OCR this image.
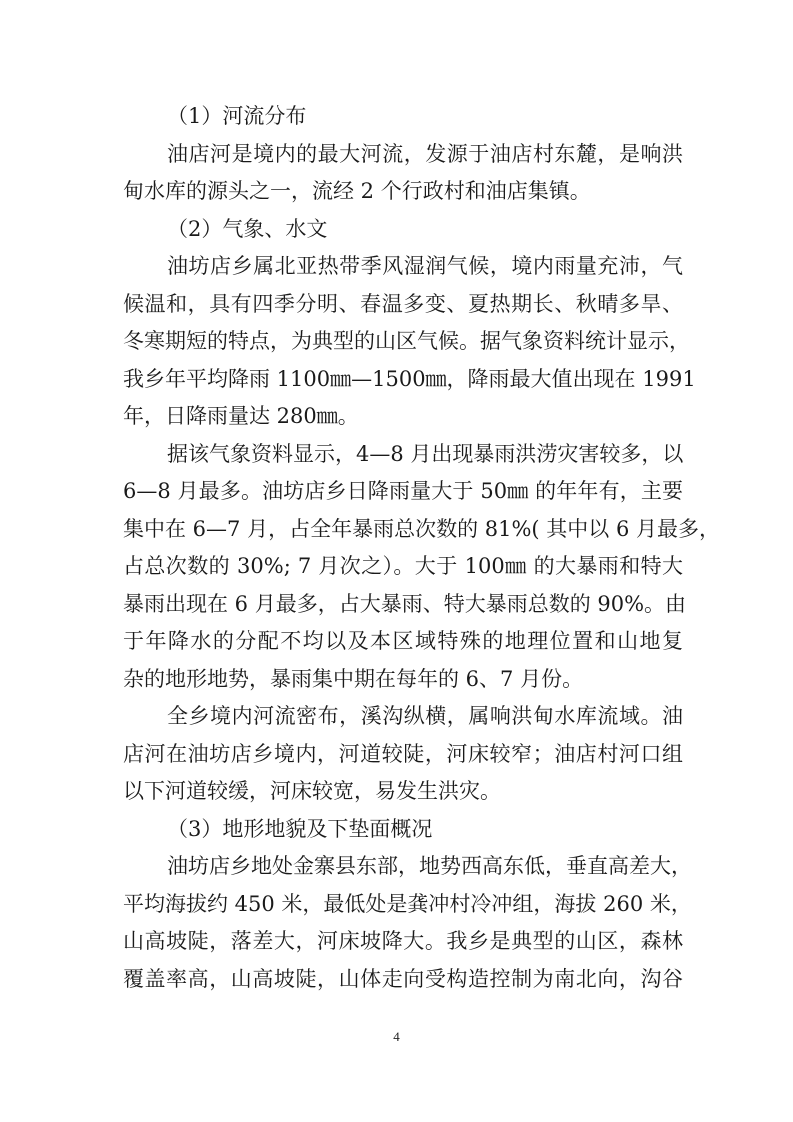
（1）河流分布
油店河是境内的最大河流，发源于油店村东麓，是响洪
甸水库的源头之一，流经 2 个行政村和油店集镇。
（2）气象、水文
油坊店乡属北亚热带季风湿润气候，境内雨量充沛，气
候温和，具有四季分明、春温多变、夏热期长、秋晴多旱、
冬寒期短的特点，为典型的山区气候。据气象资料统计显示，
我乡年平均降雨 1100㎜—1500㎜，降雨最大值出现在 1991
年，日降雨量达 280㎜。
据该气象资料显示，4—8 月出现暴雨洪涝灾害较多，以
6—8 月最多。油坊店乡日降雨量大于 50㎜ 的年年有，主要
集中在 6—7 月，占全年暴雨总次数的 81%( 其中以 6 月最多，
占总次数的 30%; 7 月次之）。大于 100㎜ 的大暴雨和特大
暴雨出现在 6 月最多，占大暴雨、特大暴雨总数的 90%。由
于年降水的分配不均以及本区域特殊的地理位置和山地复
杂的地形地势，暴雨集中期在每年的 6、7 月份。
全乡境内河流密布，溪沟纵横，属响洪甸水库流域。油
店河在油坊店乡境内，河道较陡，河床较窄；油店村河口组
以下河道较缓，河床较宽，易发生洪灾。
（3）地形地貌及下垫面概况
油坊店乡地处金寨县东部，地势西高东低，垂直高差大，
平均海拔约 450 米，最低处是龚冲村冷冲组，海拔 260 米，
山高坡陡，落差大，河床坡降大。我乡是典型的山区，森林
覆盖率高，山高坡陡，山体走向受构造控制为南北向，沟谷
4
